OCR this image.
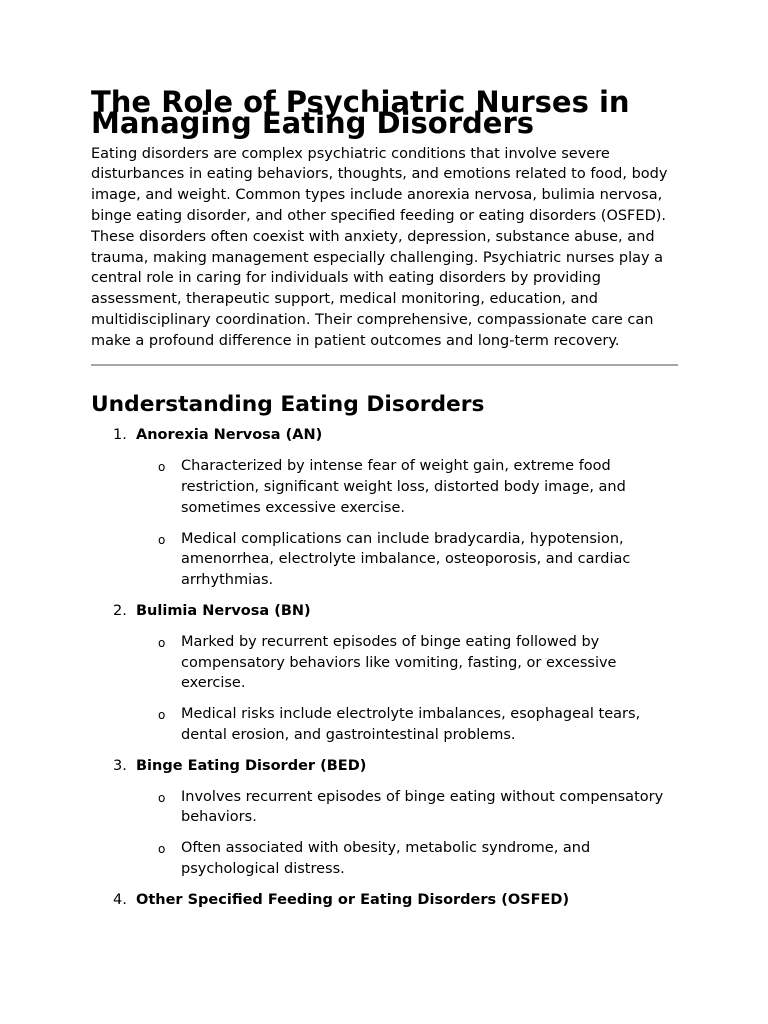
The Role of Psychiatric Nurses in Managing Eating Disorders

Eating disorders are complex psychiatric conditions that involve severe disturbances in eating behaviors, thoughts, and emotions related to food, body image, and weight. Common types include anorexia nervosa, bulimia nervosa, binge eating disorder, and other specified feeding or eating disorders (OSFED). These disorders often coexist with anxiety, depression, substance abuse, and trauma, making management especially challenging. Psychiatric nurses play a central role in caring for individuals with eating disorders by providing assessment, therapeutic support, medical monitoring, education, and multidisciplinary coordination. Their comprehensive, compassionate care can make a profound difference in patient outcomes and long-term recovery.

Understanding Eating Disorders
1. Anorexia Nervosa (AN)
o Characterized by intense fear of weight gain, extreme food restriction, significant weight loss, distorted body image, and sometimes excessive exercise.
o Medical complications can include bradycardia, hypotension, amenorrhea, electrolyte imbalance, osteoporosis, and cardiac arrhythmias.
2. Bulimia Nervosa (BN)
o Marked by recurrent episodes of binge eating followed by compensatory behaviors like vomiting, fasting, or excessive exercise.
o Medical risks include electrolyte imbalances, esophageal tears, dental erosion, and gastrointestinal problems.
3. Binge Eating Disorder (BED)
o Involves recurrent episodes of binge eating without compensatory behaviors.
o Often associated with obesity, metabolic syndrome, and psychological distress.
4. Other Specified Feeding or Eating Disorders (OSFED)
